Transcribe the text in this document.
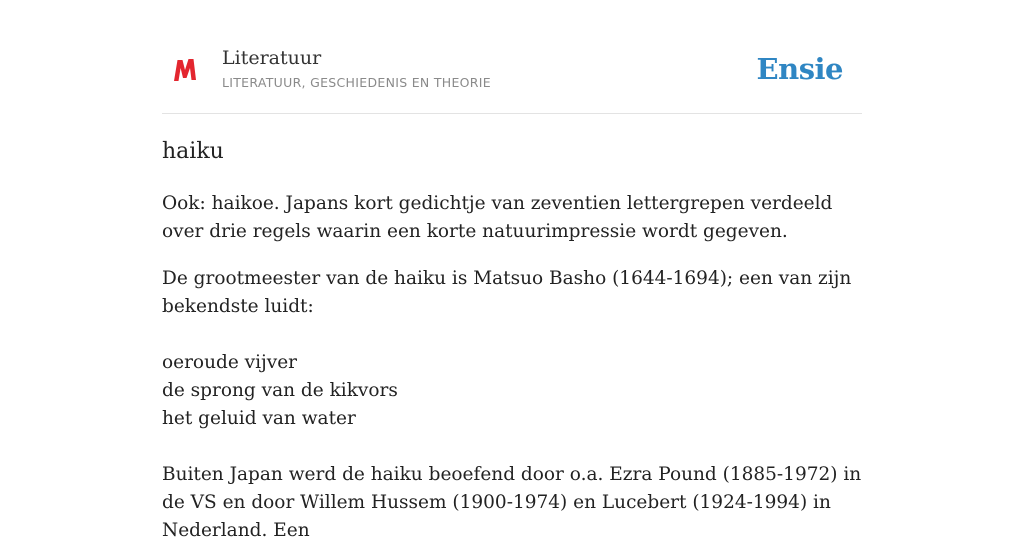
Literatuur
LITERATUUR, GESCHIEDENIS EN THEORIE	Ensie
haiku

Ook: haikoe. Japans kort gedichtje van zeventien lettergrepen verdeeld over drie regels waarin een korte natuurimpressie wordt gegeven.

De grootmeester van de haiku is Matsuo Basho (1644-1694); een van zijn bekendste luidt:

oeroude vijver
de sprong van de kikvors
het geluid van water

Buiten Japan werd de haiku beoefend door o.a. Ezra Pound (1885-1972) in de VS en door Willem Hussem (1900-1974) en Lucebert (1924-1994) in Nederland. Een
